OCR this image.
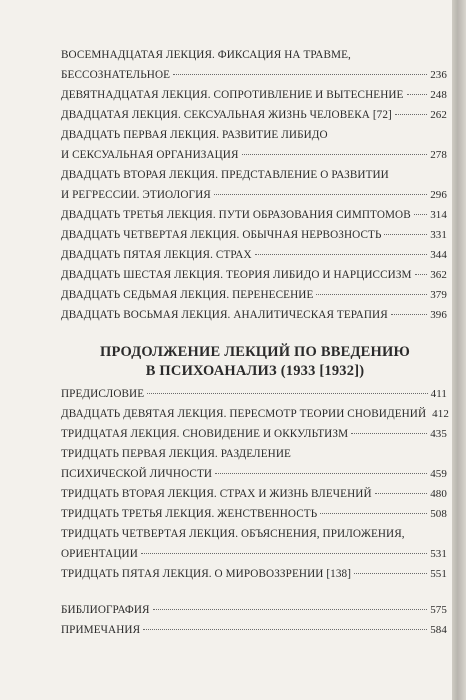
ВОСЕМНАДЦАТАЯ ЛЕКЦИЯ. ФИКСАЦИЯ НА ТРАВМЕ,
БЕССОЗНАТЕЛЬНОЕ	236
ДЕВЯТНАДЦАТАЯ ЛЕКЦИЯ. СОПРОТИВЛЕНИЕ И ВЫТЕСНЕНИЕ 248
ДВАДЦАТАЯ ЛЕКЦИЯ. СЕКСУАЛЬНАЯ ЖИЗНЬ ЧЕЛОВЕКА [72]	262
ДВАДЦАТЬ ПЕРВАЯ ЛЕКЦИЯ. РАЗВИТИЕ ЛИБИДО
И СЕКСУАЛЬНАЯ ОРГАНИЗАЦИЯ	278
ДВАДЦАТЬ ВТОРАЯ ЛЕКЦИЯ. ПРЕДСТАВЛЕНИЕ О РАЗВИТИИ
И РЕГРЕССИИ. ЭТИОЛОГИЯ	296
ДВАДЦАТЬ ТРЕТЬЯ ЛЕКЦИЯ. ПУТИ ОБРАЗОВАНИЯ СИМПТОМОВ 314
ДВАДЦАТЬ ЧЕТВЕРТАЯ ЛЕКЦИЯ. ОБЫЧНАЯ НЕРВОЗНОСТЬ	331
ДВАДЦАТЬ ПЯТАЯ ЛЕКЦИЯ. СТРАХ	344
ДВАДЦАТЬ ШЕСТАЯ ЛЕКЦИЯ. ТЕОРИЯ ЛИБИДО И НАРЦИССИЗМ 362
ДВАДЦАТЬ СЕДЬМАЯ ЛЕКЦИЯ. ПЕРЕНЕСЕНИЕ	379
ДВАДЦАТЬ ВОСЬМАЯ ЛЕКЦИЯ. АНАЛИТИЧЕСКАЯ ТЕРАПИЯ	396
ПРОДОЛЖЕНИЕ ЛЕКЦИЙ ПО ВВЕДЕНИЮ
В ПСИХОАНАЛИЗ (1933 [1932])
ПРЕДИСЛОВИЕ	411
ДВАДЦАТЬ ДЕВЯТАЯ ЛЕКЦИЯ. ПЕРЕСМОТР ТЕОРИИ СНОВИДЕНИЙ 412
ТРИДЦАТАЯ ЛЕКЦИЯ. СНОВИДЕНИЕ И ОККУЛЬТИЗМ	435
ТРИДЦАТЬ ПЕРВАЯ ЛЕКЦИЯ. РАЗДЕЛЕНИЕ
ПСИХИЧЕСКОЙ ЛИЧНОСТИ	459
ТРИДЦАТЬ ВТОРАЯ ЛЕКЦИЯ. СТРАХ И ЖИЗНЬ ВЛЕЧЕНИЙ	480
ТРИДЦАТЬ ТРЕТЬЯ ЛЕКЦИЯ. ЖЕНСТВЕННОСТЬ	508
ТРИДЦАТЬ ЧЕТВЕРТАЯ ЛЕКЦИЯ. ОБЪЯСНЕНИЯ, ПРИЛОЖЕНИЯ,
ОРИЕНТАЦИИ	531
ТРИДЦАТЬ ПЯТАЯ ЛЕКЦИЯ. О МИРОВОЗЗРЕНИИ [138]	551
БИБЛИОГРАФИЯ	575
ПРИМЕЧАНИЯ	584
